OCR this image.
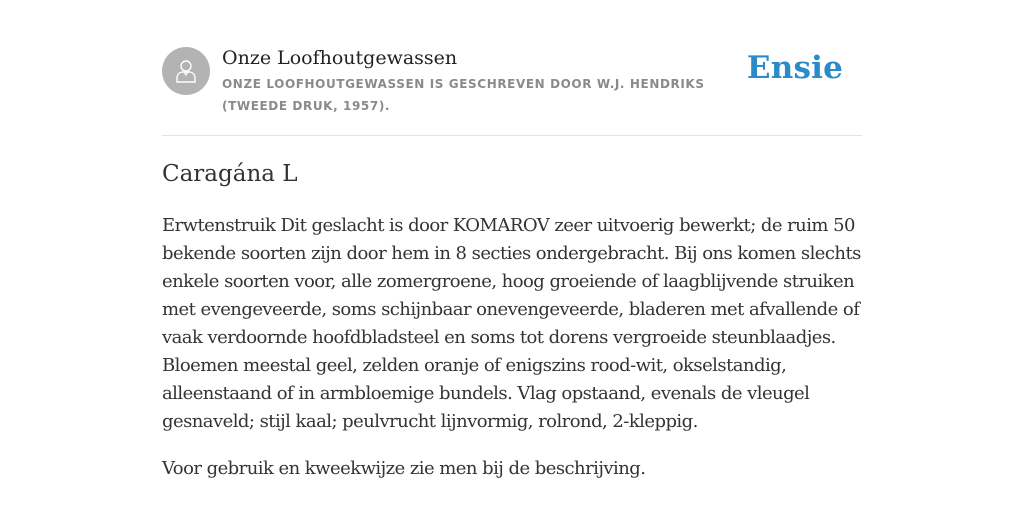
Onze Loofhoutgewassen
ONZE LOOFHOUTGEWASSEN IS GESCHREVEN DOOR W.J. HENDRIKS (TWEEDE DRUK, 1957).
Ensie
Caragána L
Erwtenstruik Dit geslacht is door KOMAROV zeer uitvoerig bewerkt; de ruim 50
bekende soorten zijn door hem in 8 secties ondergebracht. Bij ons komen slechts
enkele soorten voor, alle zomergroene, hoog groeiende of laagblijvende struiken
met evengeveerde, soms schijnbaar onevengeveerde, bladeren met afvallende of
vaak verdoornde hoofdbladsteel en soms tot dorens vergroeide steunblaadjes.
Bloemen meestal geel, zelden oranje of enigszins rood-wit, okselstandig,
alleenstaand of in armbloemige bundels. Vlag opstaand, evenals de vleugel
gesnaveld; stijl kaal; peulvrucht lijnvormig, rolrond, 2-kleppig.
Voor gebruik en kweekwijze zie men bij de beschrijving.
